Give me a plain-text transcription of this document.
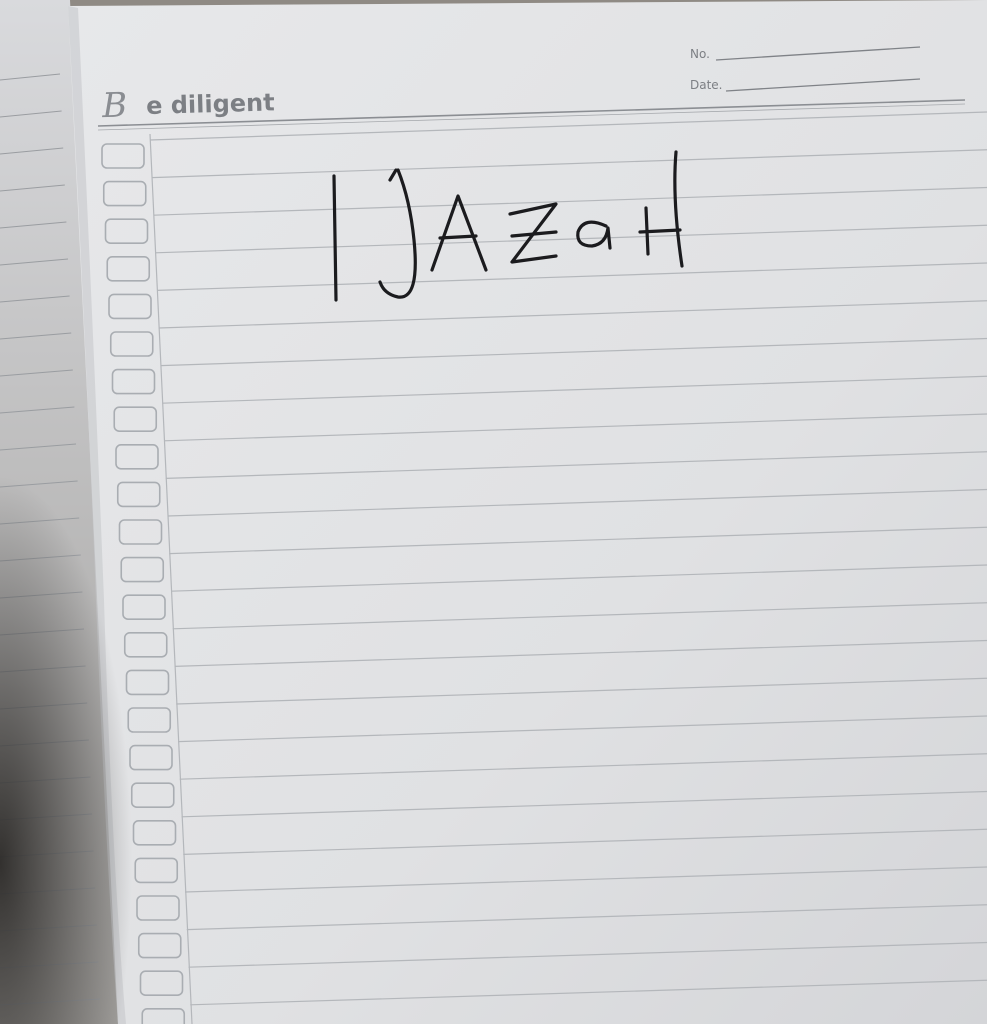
No.
Date.
B e diligent
